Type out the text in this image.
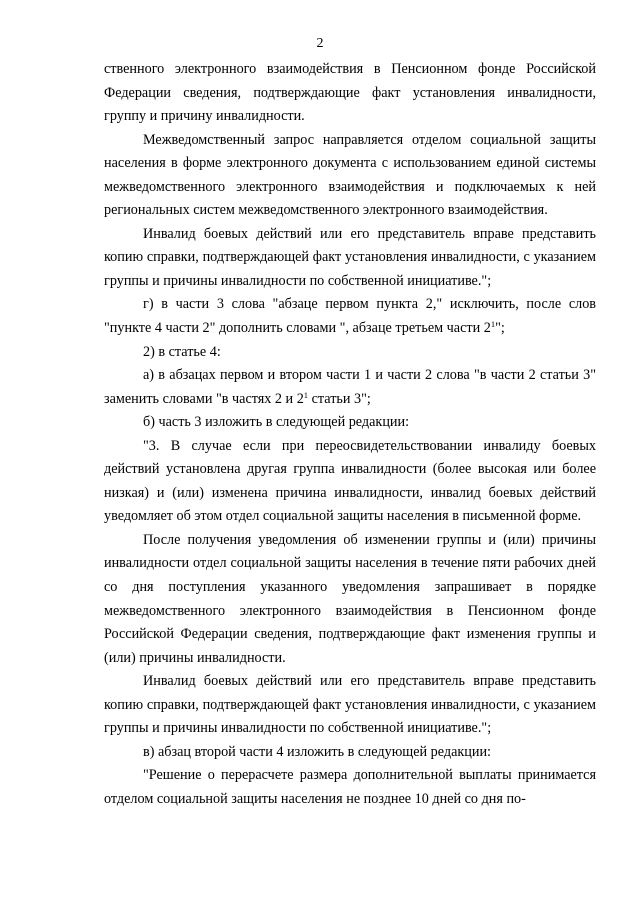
2

ственного электронного взаимодействия в Пенсионном фонде Российской Федерации сведения, подтверждающие факт установления инвалидности, группу и причину инвалидности.

Межведомственный запрос направляется отделом социальной защиты населения в форме электронного документа с использованием единой системы межведомственного электронного взаимодействия и подключаемых к ней региональных систем межведомственного электронного взаимодействия.

Инвалид боевых действий или его представитель вправе представить копию справки, подтверждающей факт установления инвалидности, с указанием группы и причины инвалидности по собственной инициативе.";

г) в части 3 слова "абзаце первом пункта 2," исключить, после слов "пункте 4 части 2" дополнить словами ", абзаце третьем части $2^1$";

2) в статье 4:

а) в абзацах первом и втором части 1 и части 2 слова "в части 2 статьи 3" заменить словами "в частях 2 и $2^1$ статьи 3";

б) часть 3 изложить в следующей редакции:

"3. В случае если при переосвидетельствовании инвалиду боевых действий установлена другая группа инвалидности (более высокая или более низкая) и (или) изменена причина инвалидности, инвалид боевых действий уведомляет об этом отдел социальной защиты населения в письменной форме.

После получения уведомления об изменении группы и (или) причины инвалидности отдел социальной защиты населения в течение пяти рабочих дней со дня поступления указанного уведомления запрашивает в порядке межведомственного электронного взаимодействия в Пенсионном фонде Российской Федерации сведения, подтверждающие факт изменения группы и (или) причины инвалидности.

Инвалид боевых действий или его представитель вправе представить копию справки, подтверждающей факт установления инвалидности, с указанием группы и причины инвалидности по собственной инициативе.";

в) абзац второй части 4 изложить в следующей редакции:

"Решение о перерасчете размера дополнительной выплаты принимается отделом социальной защиты населения не позднее 10 дней со дня по-
